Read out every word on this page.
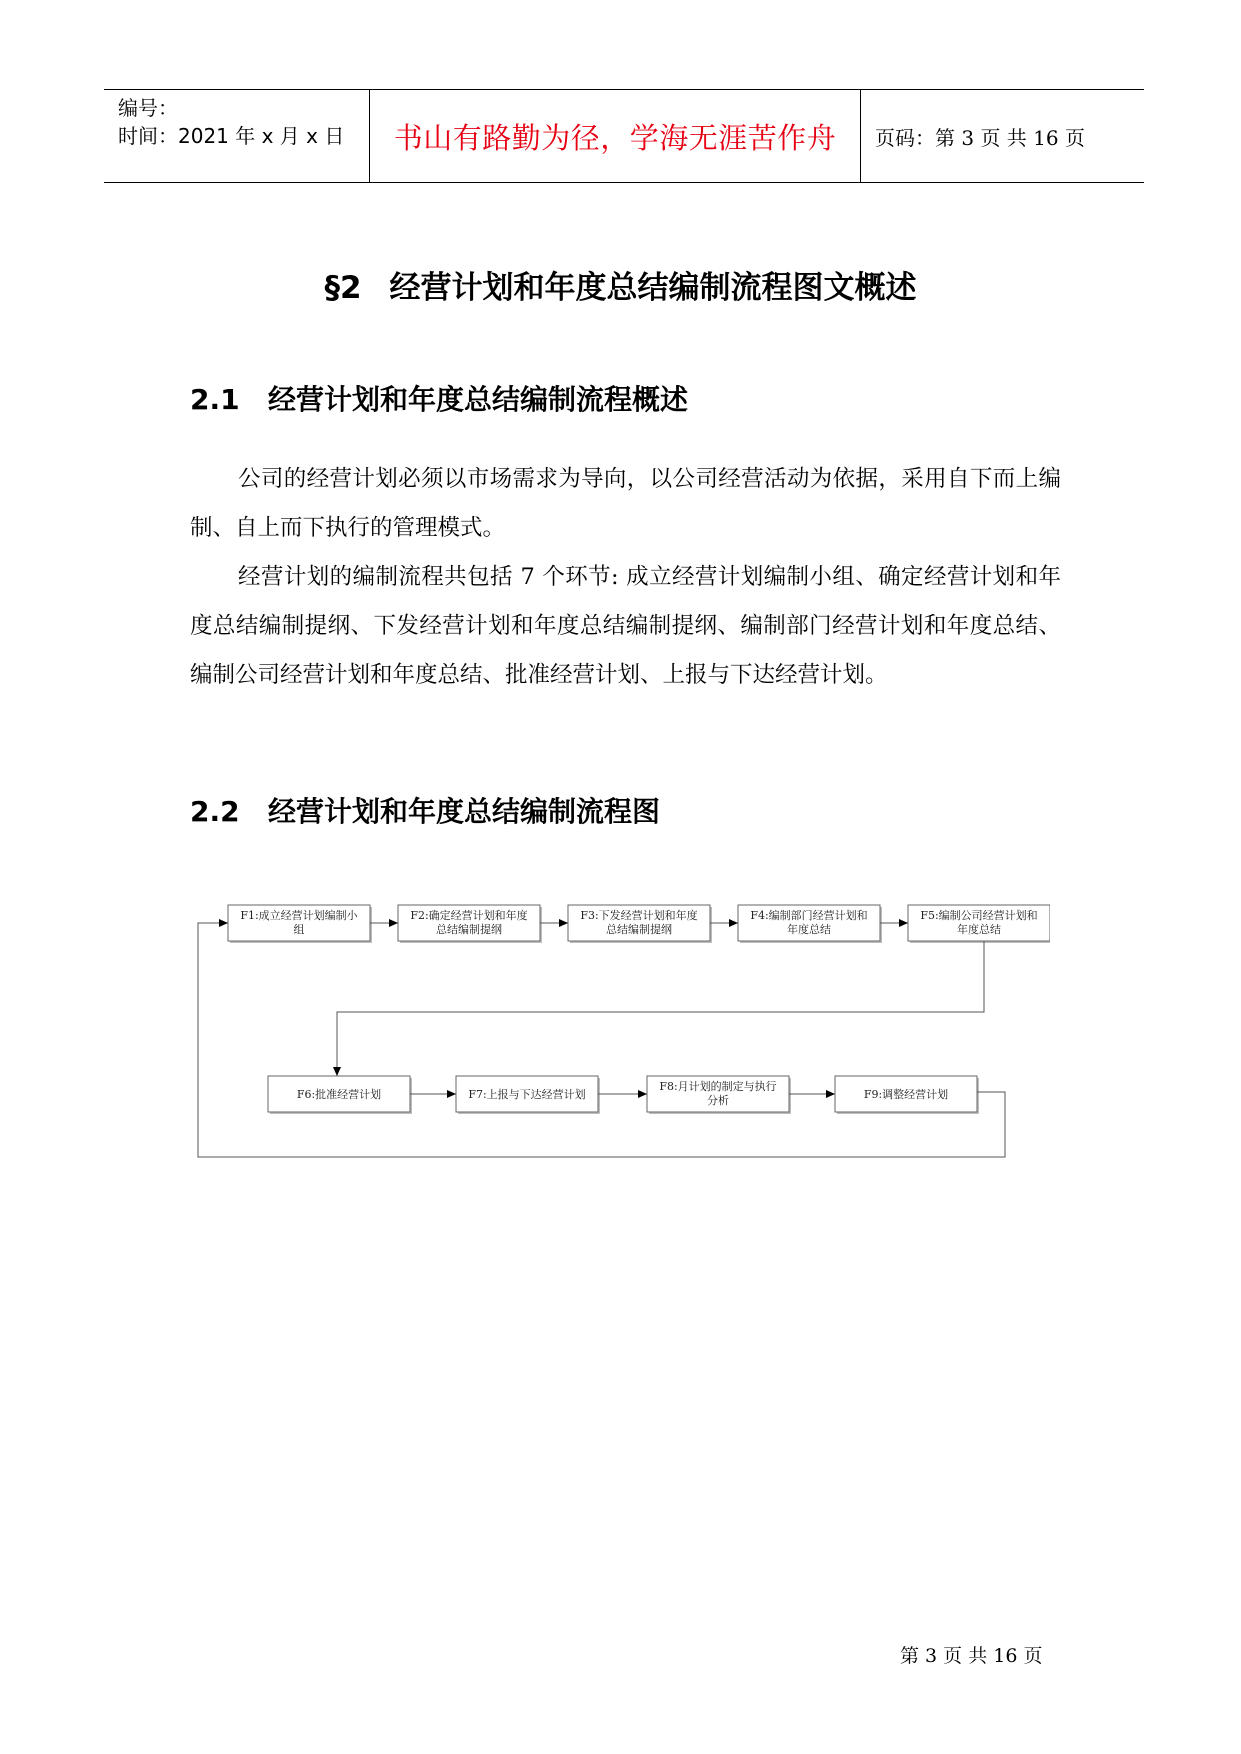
编号：
时间：2021 年 x 月 x 日	书山有路勤为径，学海无涯苦作舟 页码：第 3 页 共 16 页
§2 经营计划和年度总结编制流程图文概述
2.1 经营计划和年度总结编制流程概述

公司的经营计划必须以市场需求为导向，以公司经营活动为依据，采用自下而上编制、自上而下执行的管理模式。

经营计划的编制流程共包括 7 个环节: 成立经营计划编制小组、确定经营计划和年度总结编制提纲、下发经营计划和年度总结编制提纲、编制部门经营计划和年度总结、编制公司经营计划和年度总结、批准经营计划、上报与下达经营计划。

2.2 经营计划和年度总结编制流程图
F1:成立经营计划编制小
组
F2:确定经营计划和年度
总结编制提纲
F3:下发经营计划和年度
总结编制提纲
F4:编制部门经营计划和
年度总结
F5:编制公司经营计划和
年度总结
F6:批准经营计划	F7:上报与下达经营计划
F8:月计划的制定与执行
分析	F9:调整经营计划
第 3 页 共 16 页
